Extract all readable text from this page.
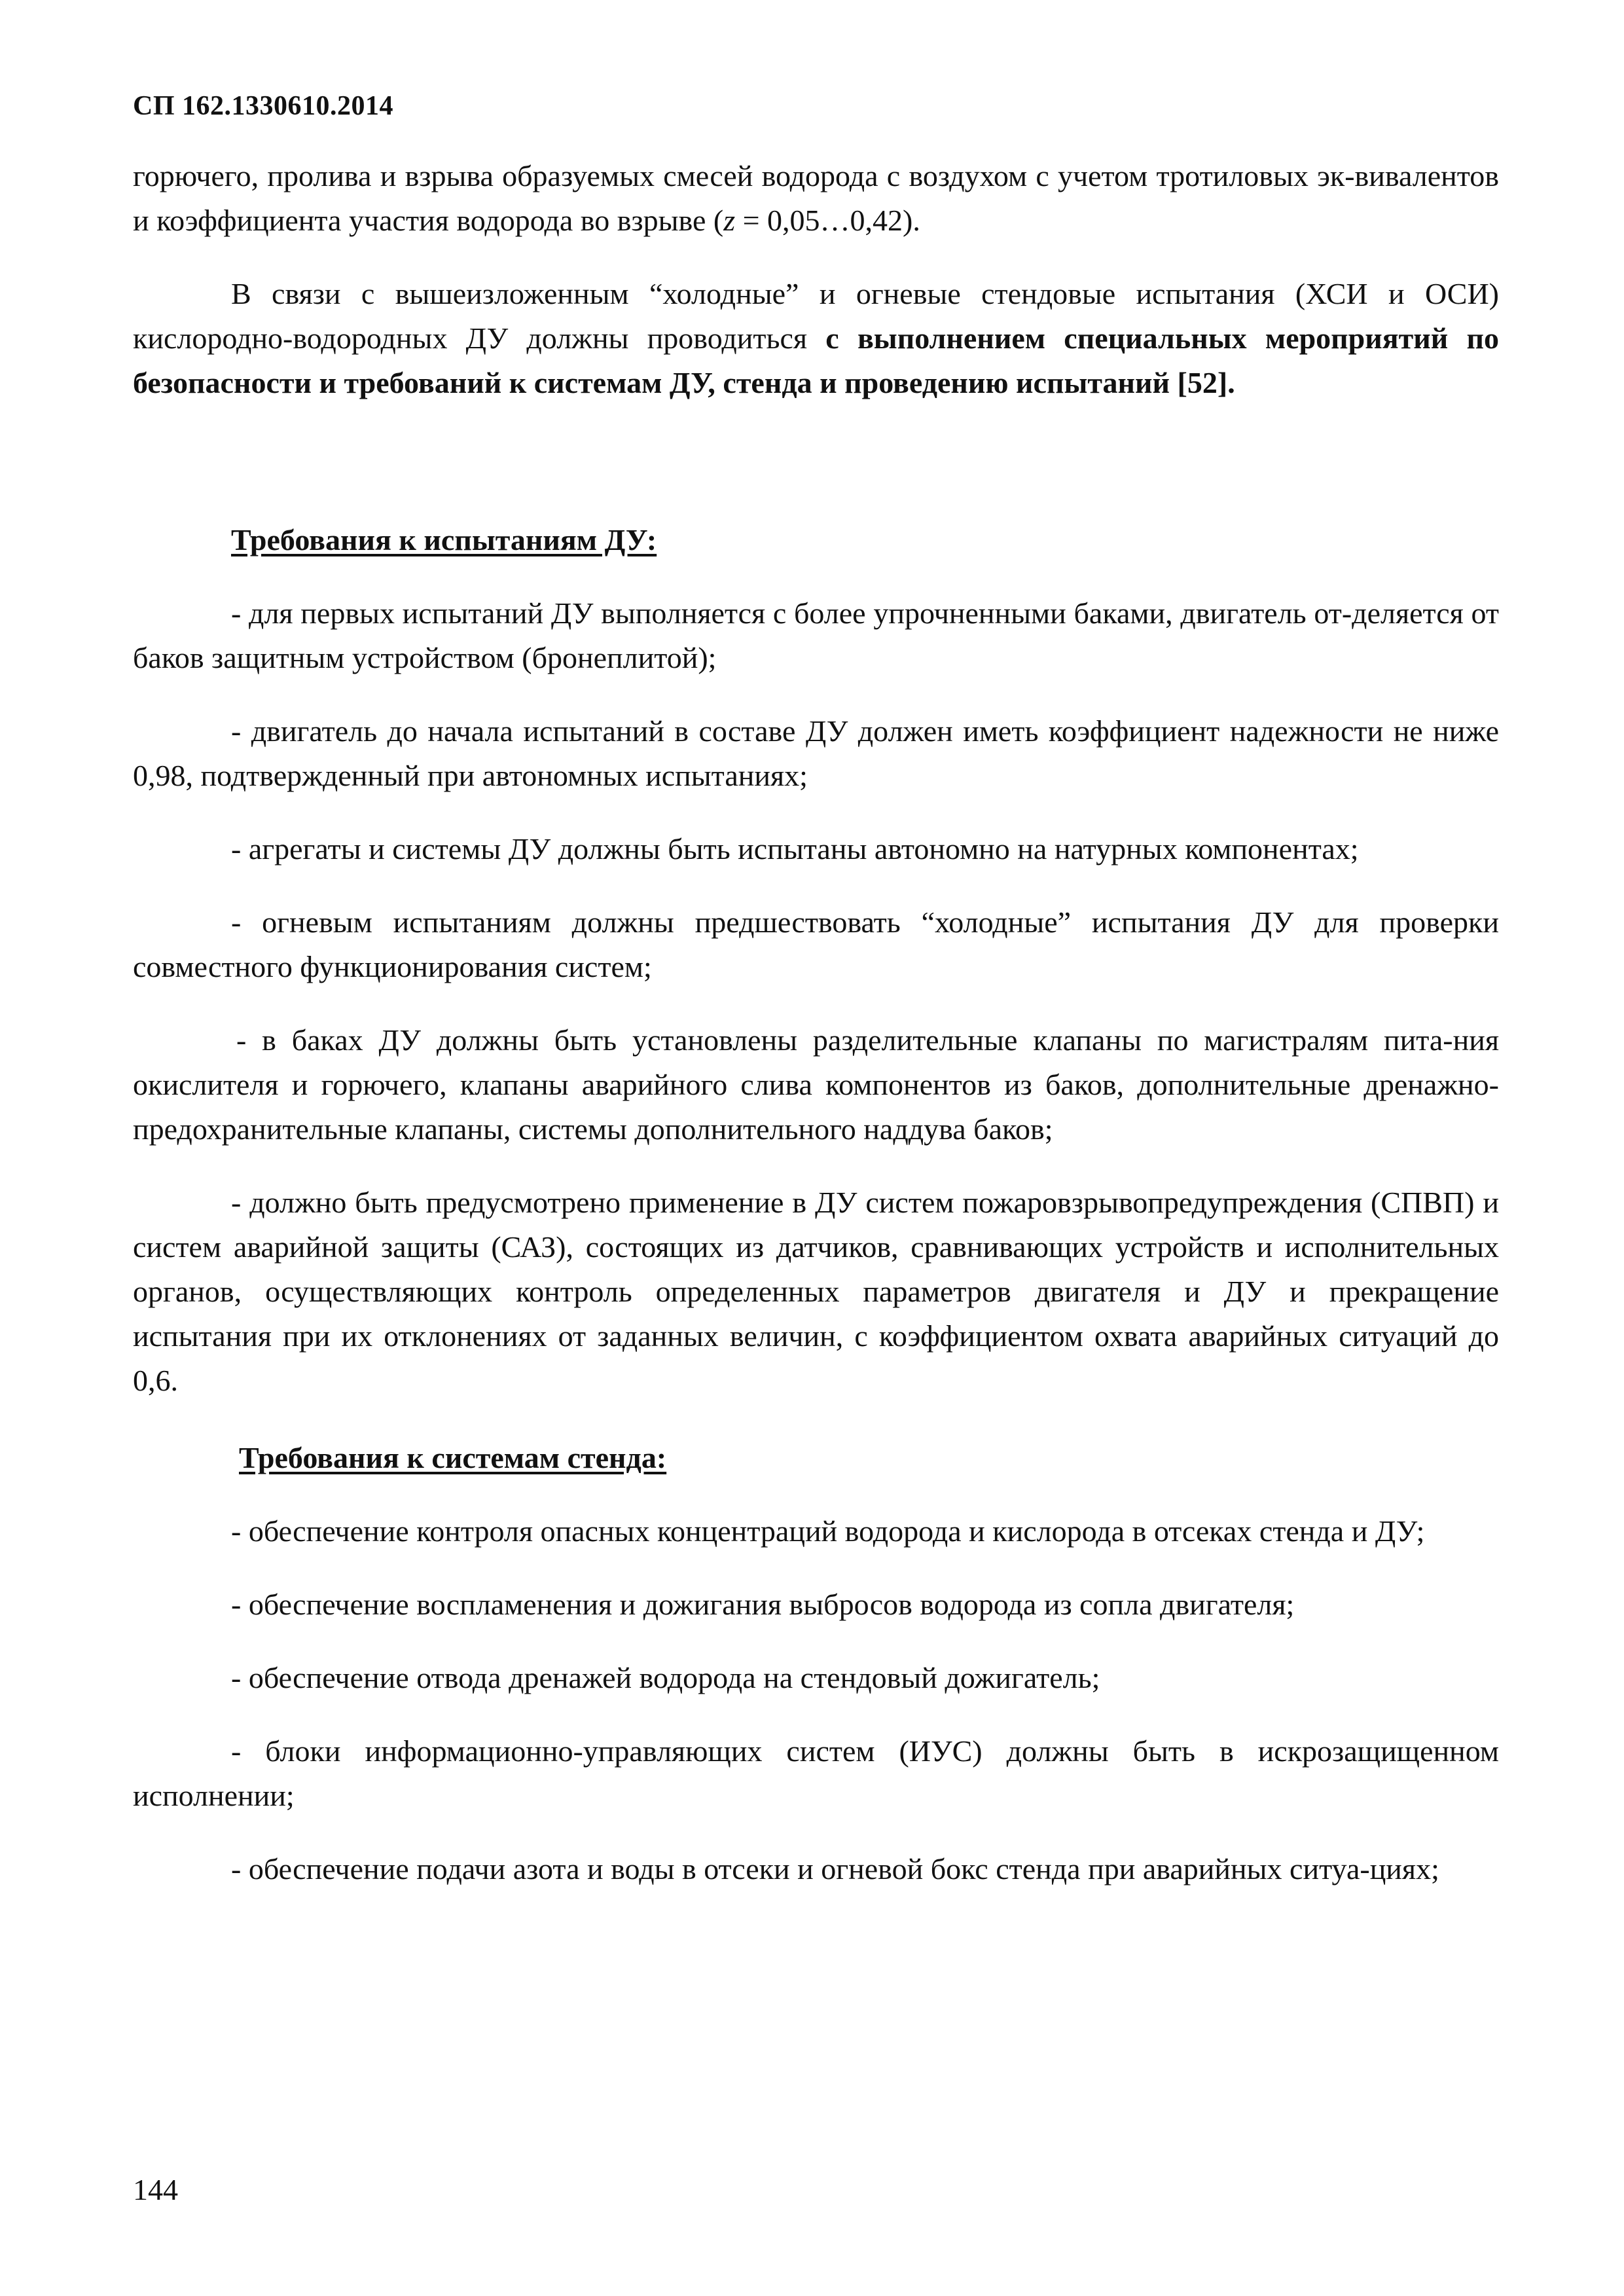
СП 162.1330610.2014

горючего, пролива и взрыва образуемых смесей водорода с воздухом с учетом тротиловых эк-вивалентов и коэффициента участия водорода во взрыве (z = 0,05…0,42).

В связи с вышеизложенным “холодные” и огневые стендовые испытания (ХСИ и ОСИ) кислородно-водородных ДУ должны проводиться с выполнением специальных мероприятий по безопасности и требований к системам ДУ, стенда и проведению испытаний [52].

Требования к испытаниям ДУ:

- для первых испытаний ДУ выполняется с более упрочненными баками, двигатель от-деляется от баков защитным устройством (бронеплитой);

- двигатель до начала испытаний в составе ДУ должен иметь коэффициент надежности не ниже 0,98, подтвержденный при автономных испытаниях;

- агрегаты и системы ДУ должны быть испытаны автономно на натурных компонентах;

- огневым испытаниям должны предшествовать “холодные” испытания ДУ для проверки совместного функционирования систем;

- в баках ДУ должны быть установлены разделительные клапаны по магистралям пита-ния окислителя и горючего, клапаны аварийного слива компонентов из баков, дополнительные дренажно-предохранительные клапаны, системы дополнительного наддува баков;

- должно быть предусмотрено применение в ДУ систем пожаровзрывопредупреждения (СПВП) и систем аварийной защиты (САЗ), состоящих из датчиков, сравнивающих устройств и исполнительных органов, осуществляющих контроль определенных параметров двигателя и ДУ и прекращение испытания при их отклонениях от заданных величин, с коэффициентом охвата аварийных ситуаций до 0,6.

Требования к системам стенда:

- обеспечение контроля опасных концентраций водорода и кислорода в отсеках стенда и ДУ;

- обеспечение воспламенения и дожигания выбросов водорода из сопла двигателя;

- обеспечение отвода дренажей водорода на стендовый дожигатель;

- блоки информационно-управляющих систем (ИУС) должны быть в искрозащищенном исполнении;

- обеспечение подачи азота и воды в отсеки и огневой бокс стенда при аварийных ситуа-циях;

144
